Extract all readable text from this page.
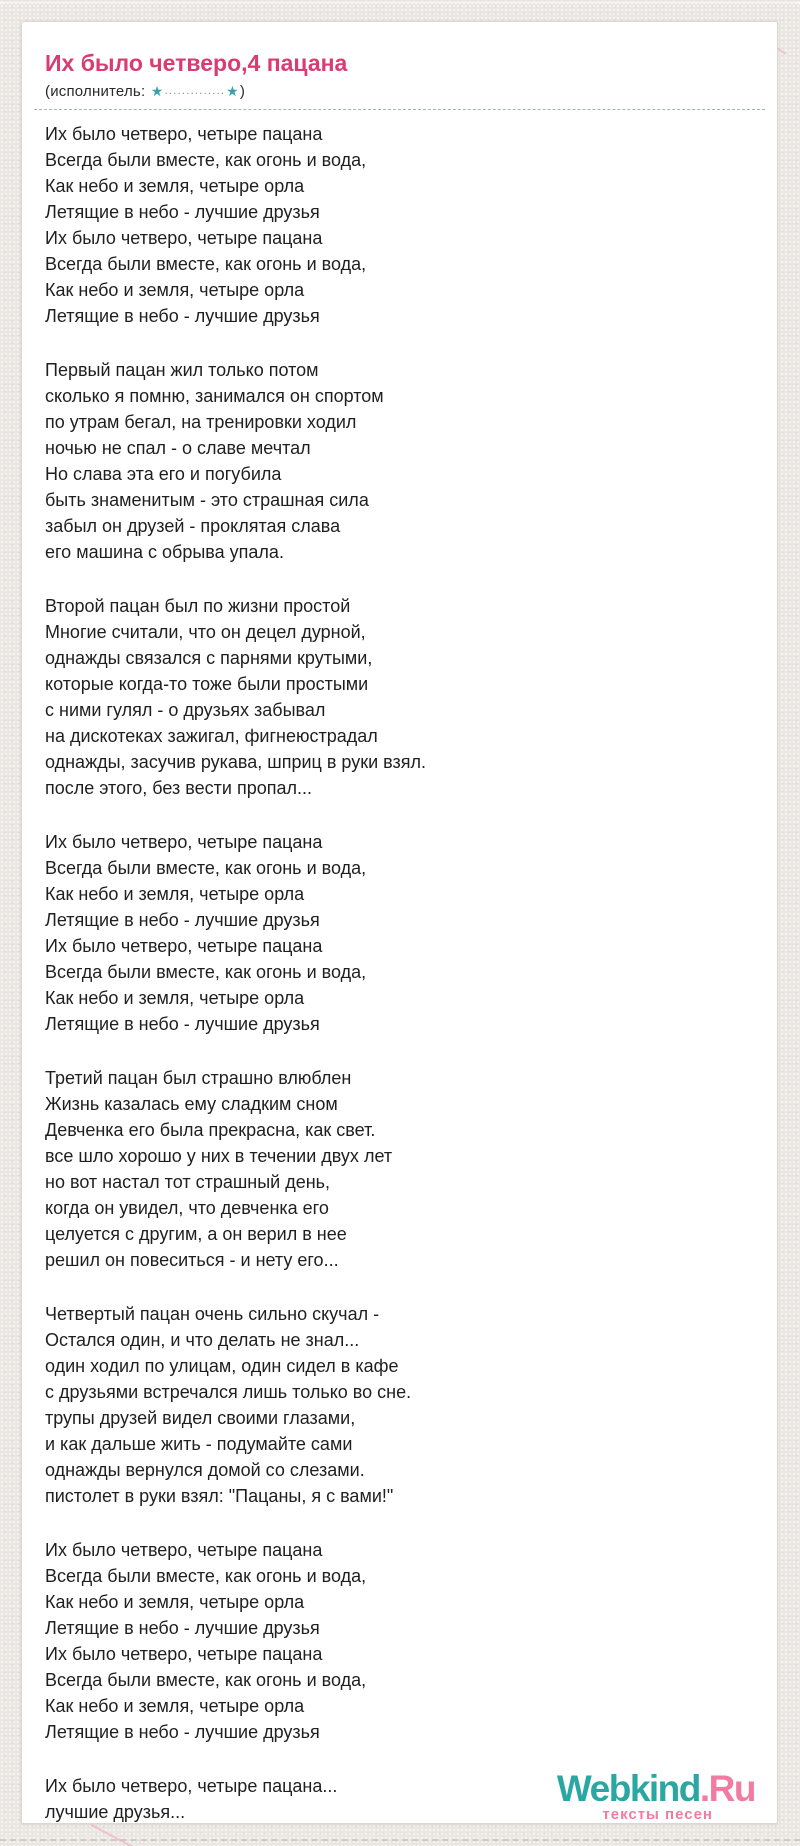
Их было четверо,4 пацана
(исполнитель: ★..............★)

Их было четверо, четыре пацана
Всегда были вместе, как огонь и вода,
Как небо и земля, четыре орла
Летящие в небо - лучшие друзья
Их было четверо, четыре пацана
Всегда были вместе, как огонь и вода,
Как небо и земля, четыре орла
Летящие в небо - лучшие друзья

Первый пацан жил только потом
сколько я помню, занимался он спортом
по утрам бегал, на тренировки ходил
ночью не спал - о славе мечтал
Но слава эта его и погубила
быть знаменитым - это страшная сила
забыл он друзей - проклятая слава
его машина с обрыва упала.

Второй пацан был по жизни простой
Многие считали, что он децел дурной,
однажды связался с парнями крутыми,
которые когда-то тоже были простыми
с ними гулял - о друзьях забывал
на дискотеках зажигал, фигнеюстрадал
однажды, засучив рукава, шприц в руки взял.
после этого, без вести пропал...

Их было четверо, четыре пацана
Всегда были вместе, как огонь и вода,
Как небо и земля, четыре орла
Летящие в небо - лучшие друзья
Их было четверо, четыре пацана
Всегда были вместе, как огонь и вода,
Как небо и земля, четыре орла
Летящие в небо - лучшие друзья

Третий пацан был страшно влюблен
Жизнь казалась ему сладким сном
Девченка его была прекрасна, как свет.
все шло хорошо у них в течении двух лет
но вот настал тот страшный день,
когда он увидел, что девченка его
целуется с другим, а он верил в нее
решил он повеситься - и нету его...

Четвертый пацан очень сильно скучал -
Остался один, и что делать не знал...
один ходил по улицам, один сидел в кафе
с друзьями встречался лишь только во сне.
трупы друзей видел своими глазами,
и как дальше жить - подумайте сами
однажды вернулся домой со слезами.
пистолет в руки взял: "Пацаны, я с вами!"

Их было четверо, четыре пацана
Всегда были вместе, как огонь и вода,
Как небо и земля, четыре орла
Летящие в небо - лучшие друзья
Их было четверо, четыре пацана
Всегда были вместе, как огонь и вода,
Как небо и земля, четыре орла
Летящие в небо - лучшие друзья

Их было четверо, четыре пацана...
лучшие друзья...

Webkind.Ru
тексты песен
